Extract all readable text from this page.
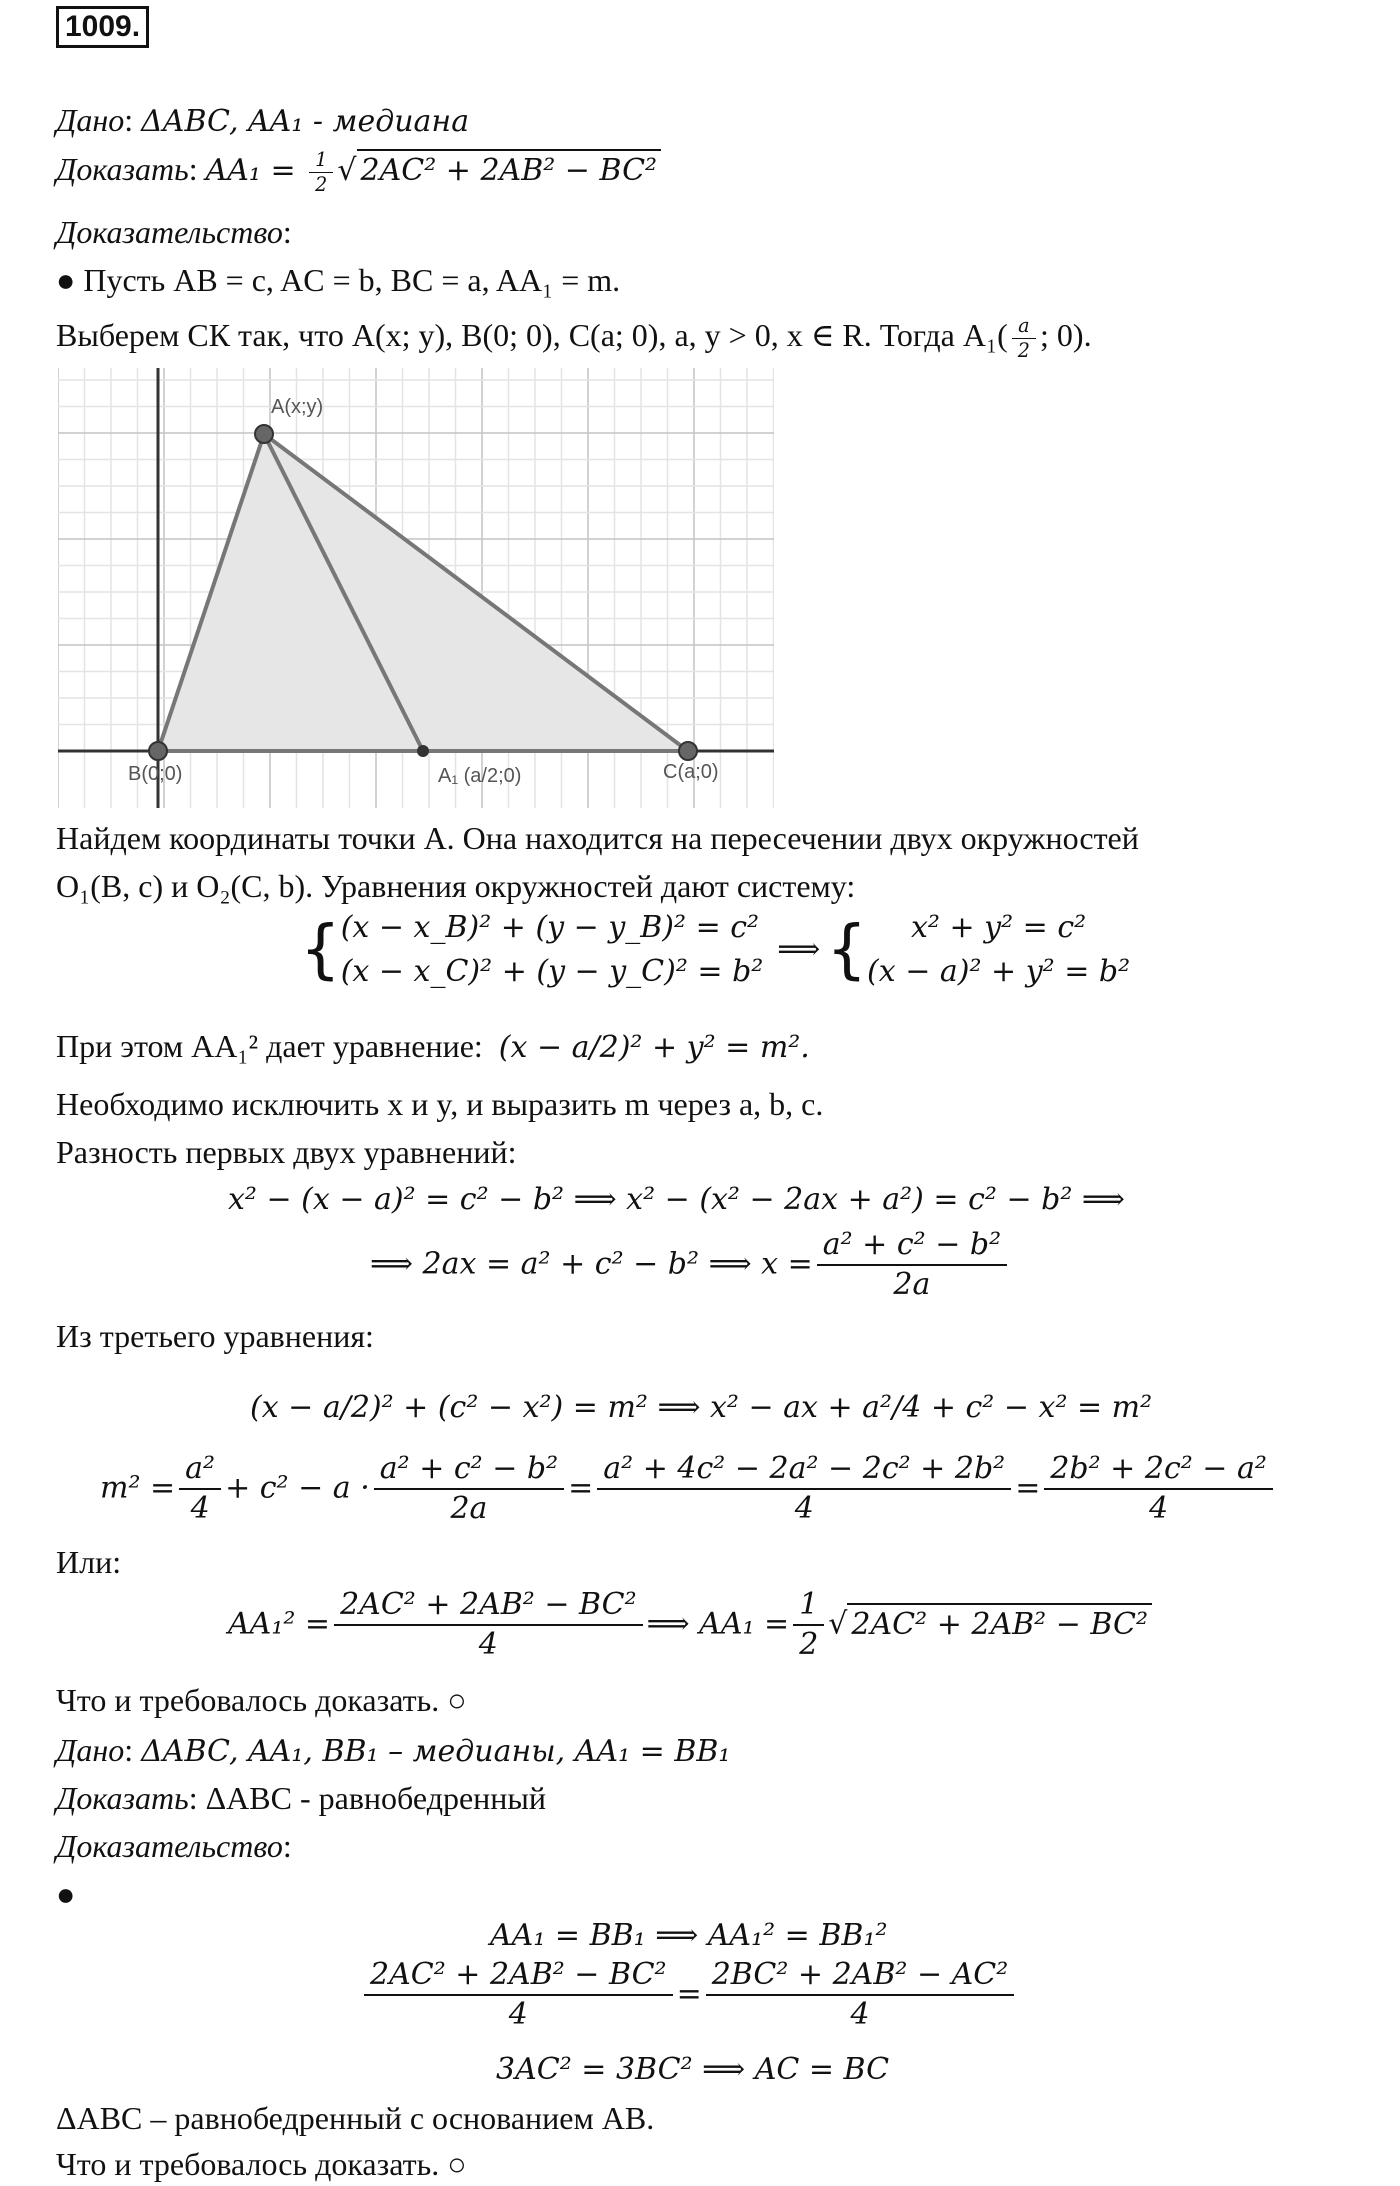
1009.
Дано: ΔABC, AA₁ - медиана
Доказать: $AA_1 = \frac{1}{2}$ √ 2AC² + 2AB² − BC²
Доказательство:
● Пусть AB = c, AC = b, BC = a, AA₁ = m.
Выберем СК так, что A(x; y), B(0; 0), C(a; 0), a, y > 0, x ∈ R. Тогда $A_1( \frac{a}{2}$ ; 0).
A(x;y)
B(0;0)	A₁ (a/2;0)	C(a;0)
Найдем координаты точки A. Она находится на пересечении двух окружностей
O₁(B, c) и O₂(C, b). Уравнения окружностей дают систему:
{ (x − x_B)² + (y − y_B)² = c²
(x − x_C)² + (y − y_C)² = b²
⟹{	x² + y² = c²
(x − a)² + y² = b²
При этом AA₁² дает уравнение: (x − a/2)² + y² = m².
Необходимо исключить x и y, и выразить m через a, b, c.
Разность первых двух уравнений:
x² − (x − a)² = c² − b² ⟹ x² − (x² − 2ax + a²) = c² − b² ⟹
⟹ 2ax = a² + c² − b² ⟹ $x = \frac{\text{a² + c² − b²}}{2a}$
Из третьего уравнения:
(x − a/2)² + (c² − x²) = m² ⟹ x² − ax + a²/4 + c² − x² = m²
$m^2 = \frac{\text{a²}}{4} + c^2 - a \cdot \frac{\text{a² + c² − b²}}{2a} = \frac{\text{a² + 4c² − 2a² − 2c² + 2b²}}{4} = \frac{\text{2b² + 2c² − a²}}{4}$
Или:
$AA_1^2 = \frac{\text{2AC² + 2AB² − BC²}}{4}$ ⟹ $AA_1 = \frac{1}{2}$ √ 2AC² + 2AB² − BC²
Что и требовалось доказать. ○
Дано: ΔABC, AA₁, BB₁ – медианы, AA₁ = BB₁
Доказать: ΔABC - равнобедренный
Доказательство:
●
AA₁ = BB₁ ⟹ AA₁² = BB₁²
$\frac{\text{2AC² + 2AB² − BC²}}{4} = \frac{\text{2BC² + 2AB² − AC²}}{4}$
3AC² = 3BC² ⟹ AC = BC
ΔABC – равнобедренный с основанием AB.
Что и требовалось доказать. ○
